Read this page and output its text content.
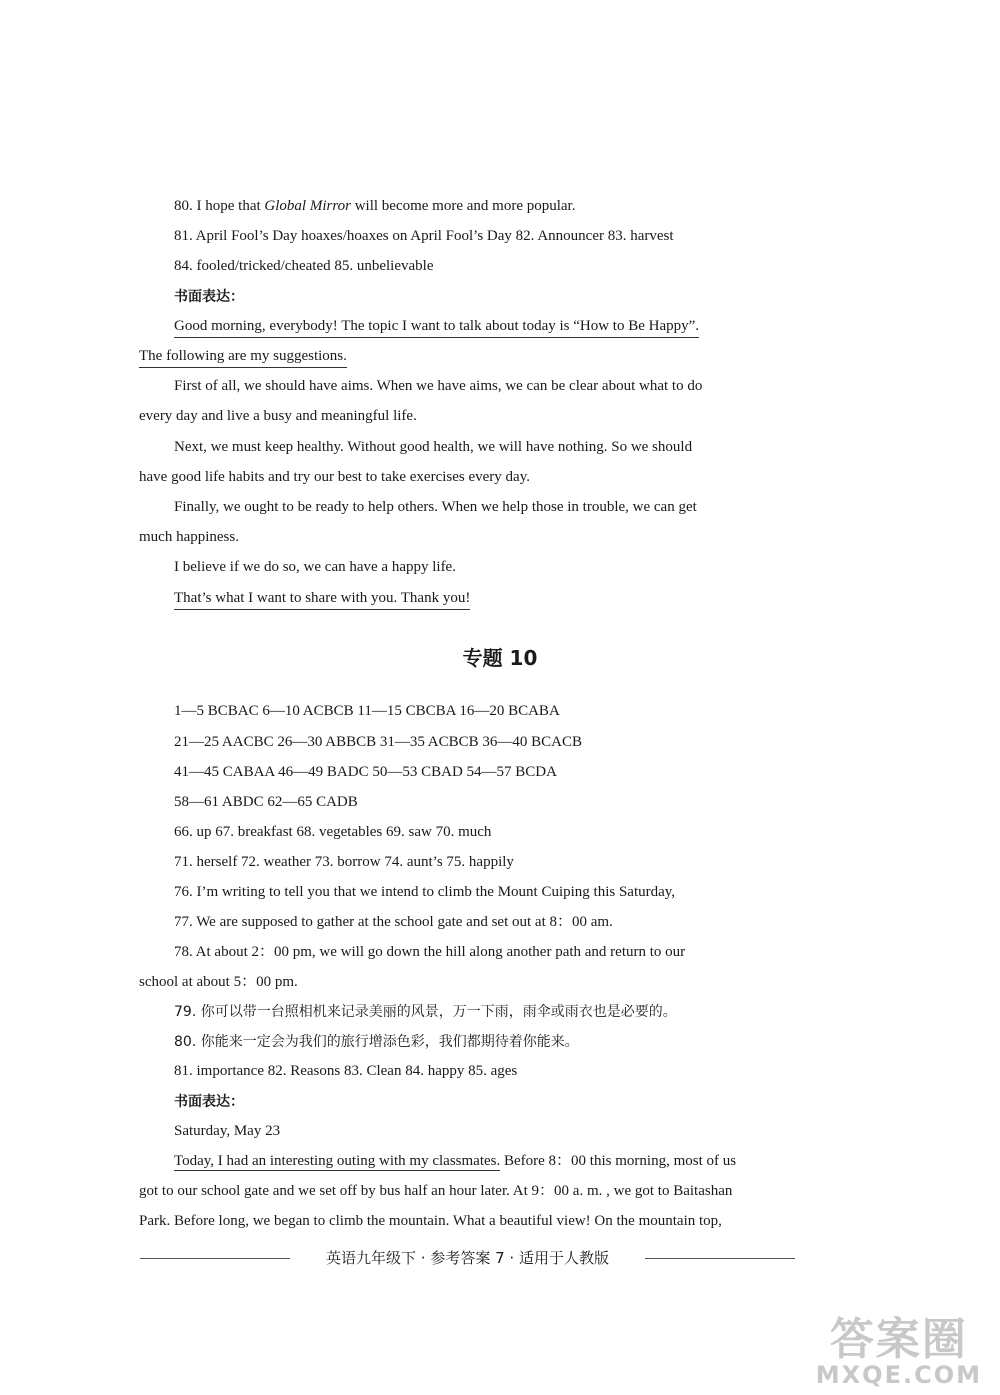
80. I hope that Global Mirror will become more and more popular.
81. April Fool’s Day hoaxes/hoaxes on April Fool’s Day 82. Announcer 83. harvest
84. fooled/tricked/cheated 85. unbelievable
书面表达：
Good morning, everybody! The topic I want to talk about today is “How to Be Happy”.
The following are my suggestions.
First of all, we should have aims. When we have aims, we can be clear about what to do
every day and live a busy and meaningful life.
Next, we must keep healthy. Without good health, we will have nothing. So we should
have good life habits and try our best to take exercises every day.
Finally, we ought to be ready to help others. When we help those in trouble, we can get
much happiness.
I believe if we do so, we can have a happy life.
That’s what I want to share with you. Thank you!
专题 10
1—5 BCBAC 6—10 ACBCB 11—15 CBCBA 16—20 BCABA
21—25 AACBC 26—30 ABBCB 31—35 ACBCB 36—40 BCACB
41—45 CABAA 46—49 BADC 50—53 CBAD 54—57 BCDA
58—61 ABDC 62—65 CADB
66. up 67. breakfast 68. vegetables 69. saw 70. much
71. herself 72. weather 73. borrow 74. aunt’s 75. happily
76. I’m writing to tell you that we intend to climb the Mount Cuiping this Saturday,
77. We are supposed to gather at the school gate and set out at 8：00 am.
78. At about 2：00 pm, we will go down the hill along another path and return to our
school at about 5：00 pm.
79. 你可以带一台照相机来记录美丽的风景，万一下雨，雨伞或雨衣也是必要的。
80. 你能来一定会为我们的旅行增添色彩，我们都期待着你能来。
81. importance 82. Reasons 83. Clean 84. happy 85. ages
书面表达：
Saturday, May 23
Today, I had an interesting outing with my classmates. Before 8：00 this morning, most of us
got to our school gate and we set off by bus half an hour later. At 9：00 a. m. , we got to Baitashan
Park. Before long, we began to climb the mountain. What a beautiful view! On the mountain top,
英语九年级下 · 参考答案 7 · 适用于人教版
答案圈
MXQE.COM
